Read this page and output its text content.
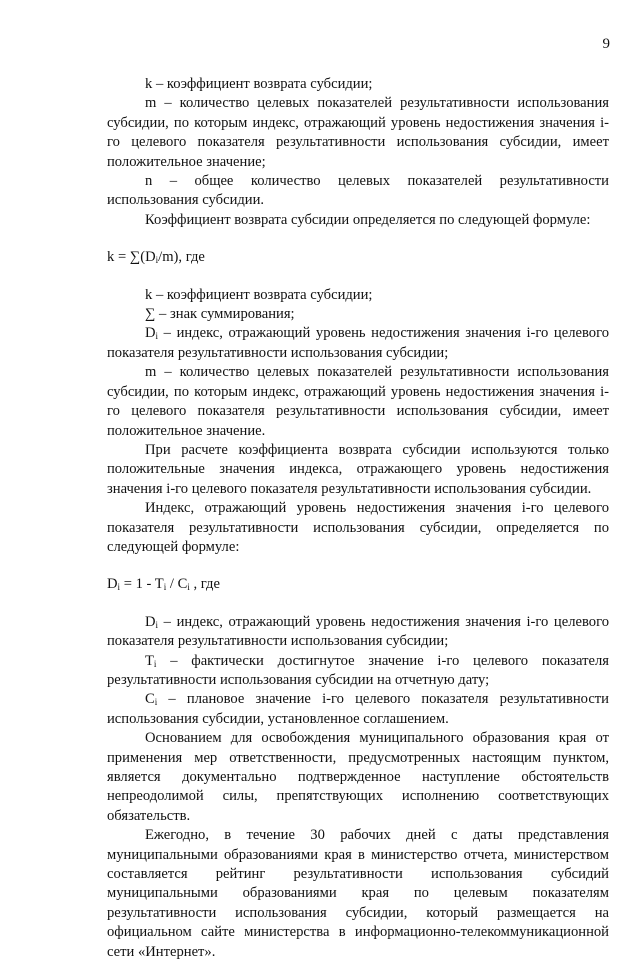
9

k – коэффициент возврата субсидии;

m – количество целевых показателей результативности использования субсидии, по которым индекс, отражающий уровень недостижения значения i-го целевого показателя результативности использования субсидии, имеет положительное значение;

n – общее количество целевых показателей результативности использования субсидии.

Коэффициент возврата субсидии определяется по следующей формуле:

$k = \sum(D_i/m)$, где

k – коэффициент возврата субсидии;

∑ – знак суммирования;

$D_i$ – индекс, отражающий уровень недостижения значения i-го целевого показателя результативности использования субсидии;

m – количество целевых показателей результативности использования субсидии, по которым индекс, отражающий уровень недостижения значения i-го целевого показателя результативности использования субсидии, имеет положительное значение.

При расчете коэффициента возврата субсидии используются только положительные значения индекса, отражающего уровень недостижения значения i-го целевого показателя результативности использования субсидии.

Индекс, отражающий уровень недостижения значения i-го целевого показателя результативности использования субсидии, определяется по следующей формуле:

$D_i = 1 - T_i / C_i$ , где

$D_i$ – индекс, отражающий уровень недостижения значения i-го целевого показателя результативности использования субсидии;

$T_i$ – фактически достигнутое значение i-го целевого показателя результативности использования субсидии на отчетную дату;

$C_i$ – плановое значение i-го целевого показателя результативности использования субсидии, установленное соглашением.

Основанием для освобождения муниципального образования края от применения мер ответственности, предусмотренных настоящим пунктом, является документально подтвержденное наступление обстоятельств непреодолимой силы, препятствующих исполнению соответствующих обязательств.

Ежегодно, в течение 30 рабочих дней с даты представления муниципальными образованиями края в министерство отчета, министерством составляется рейтинг результативности использования субсидий муниципальными образованиями края по целевым показателям результативности использования субсидии, который размещается на официальном сайте министерства в информационно-телекоммуникационной сети «Интернет».
